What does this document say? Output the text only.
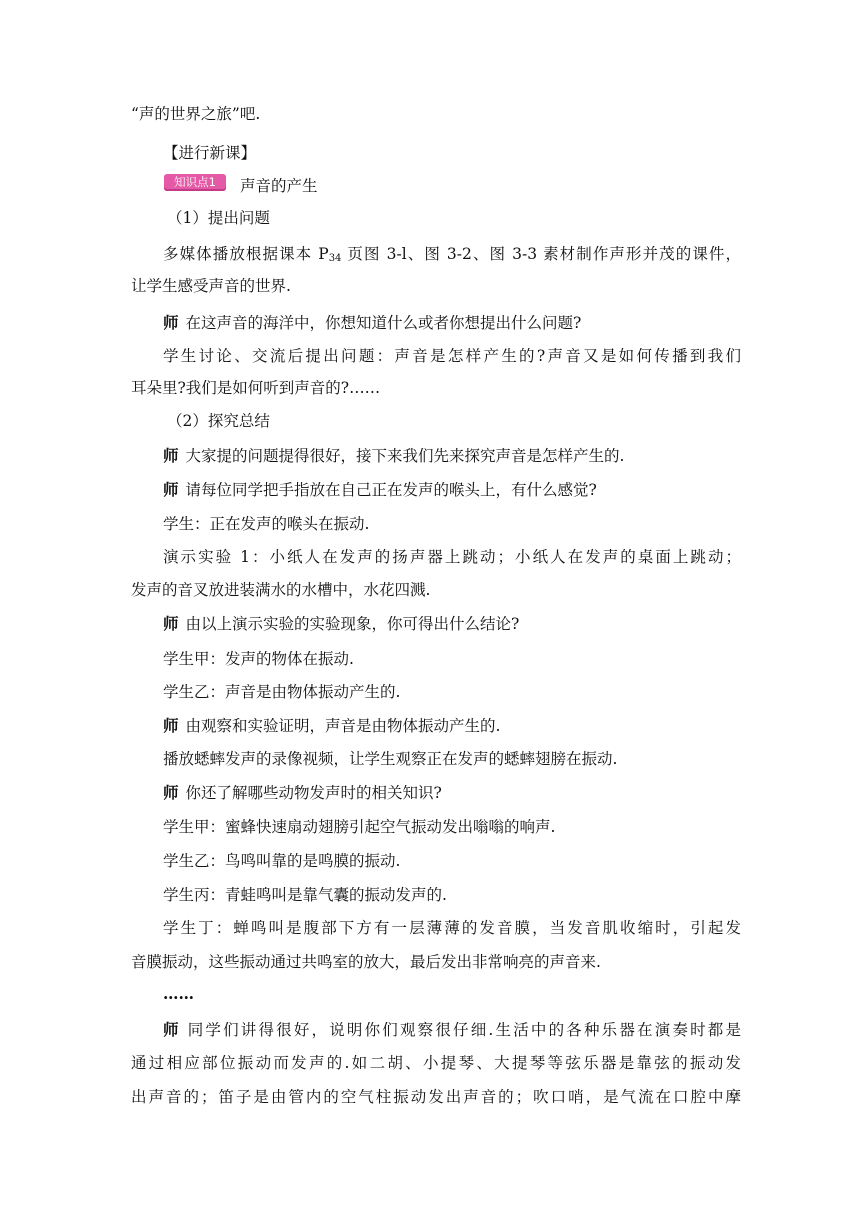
“声的世界之旅”吧.
【进行新课】
知识点1	声音的产生
（1）提出问题
多媒体播放根据课本 $P_{34}$ 页图 3-l、图 3-2、图 3-3 素材制作声形并茂的课件，
让学生感受声音的世界.
师 在这声音的海洋中，你想知道什么或者你想提出什么问题?
学生讨论、交流后提出问题：声音是怎样产生的?声音又是如何传播到我们
耳朵里?我们是如何听到声音的?……
（2）探究总结
师 大家提的问题提得很好，接下来我们先来探究声音是怎样产生的.
师 请每位同学把手指放在自己正在发声的喉头上，有什么感觉?
学生：正在发声的喉头在振动.
演示实验 1：小纸人在发声的扬声器上跳动；小纸人在发声的桌面上跳动；
发声的音叉放进装满水的水槽中，水花四溅.
师 由以上演示实验的实验现象，你可得出什么结论?
学生甲：发声的物体在振动.
学生乙：声音是由物体振动产生的.
师 由观察和实验证明，声音是由物体振动产生的.
播放蟋蟀发声的录像视频，让学生观察正在发声的蟋蟀翅膀在振动.
师 你还了解哪些动物发声时的相关知识?
学生甲：蜜蜂快速扇动翅膀引起空气振动发出嗡嗡的响声.
学生乙：鸟鸣叫靠的是鸣膜的振动.
学生丙：青蛙鸣叫是靠气囊的振动发声的.
学生丁：蝉鸣叫是腹部下方有一层薄薄的发音膜，当发音肌收缩时，引起发
音膜振动，这些振动通过共鸣室的放大，最后发出非常响亮的声音来.
……
师 同学们讲得很好，说明你们观察很仔细.生活中的各种乐器在演奏时都是
通过相应部位振动而发声的.如二胡、小提琴、大提琴等弦乐器是靠弦的振动发
出声音的；笛子是由管内的空气柱振动发出声音的；吹口哨，是气流在口腔中摩
